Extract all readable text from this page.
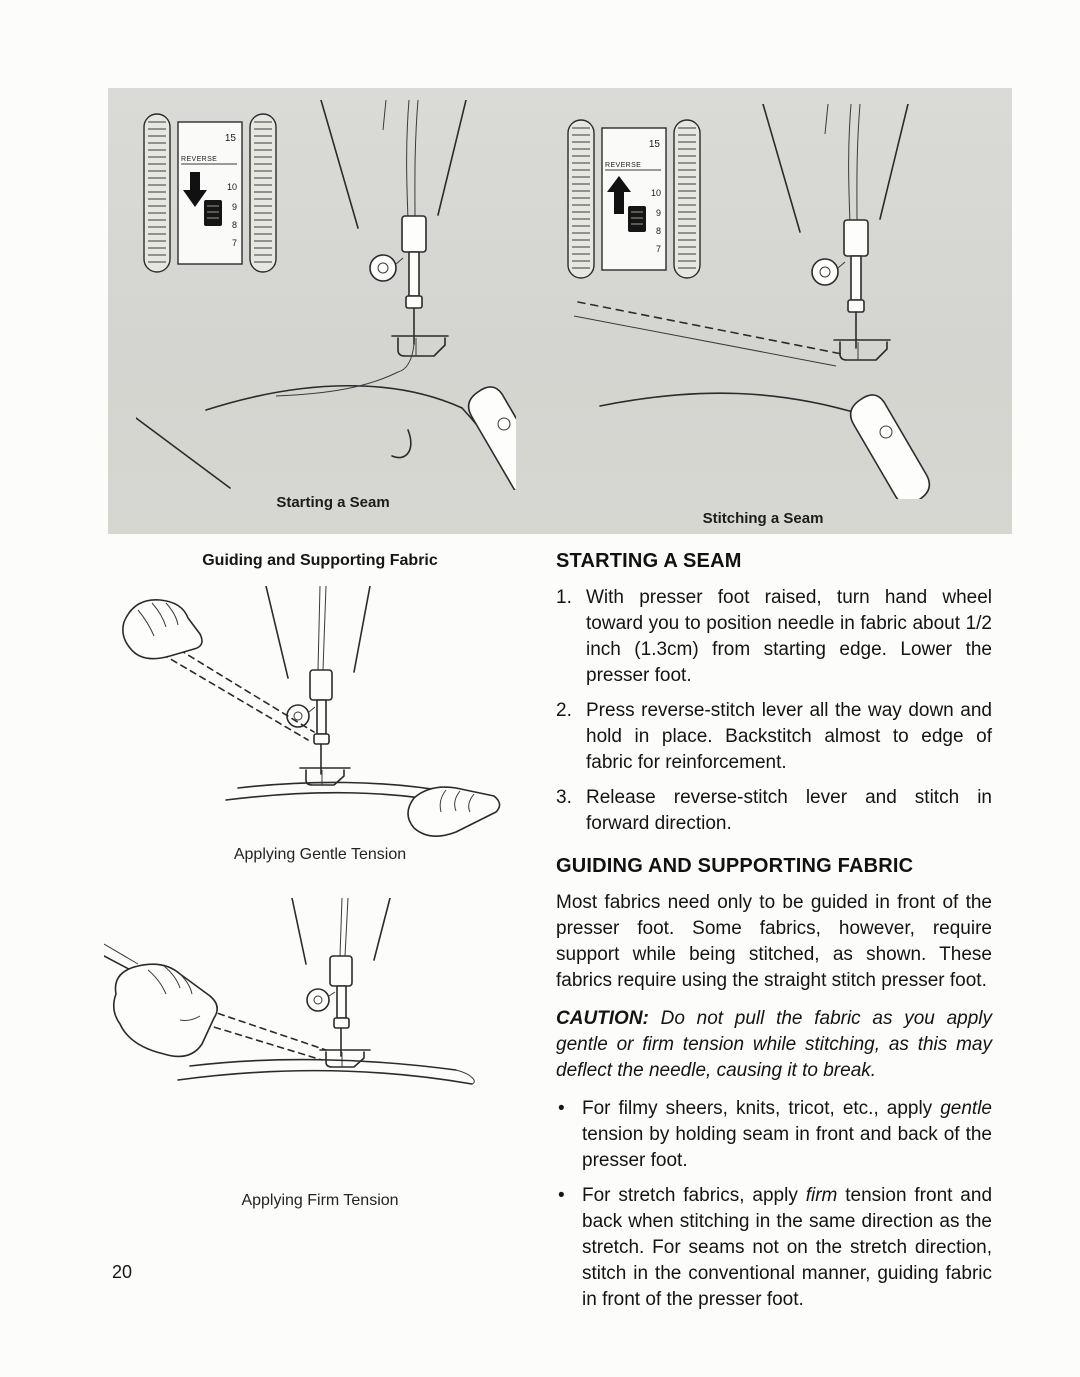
15
REVERSE
10
9
8
7
15
REVERSE
10
9
8
7
Starting a Seam
Stitching a Seam
Guiding and Supporting Fabric
Applying Gentle Tension
Applying Firm Tension
20
STARTING A SEAM
1. With presser foot raised, turn hand wheel toward you to position needle in fabric about 1/2 inch (1.3cm) from starting edge. Lower the presser foot.
2. Press reverse-stitch lever all the way down and hold in place. Backstitch almost to edge of fabric for reinforcement.
3. Release reverse-stitch lever and stitch in forward direction.
GUIDING AND SUPPORTING FABRIC

Most fabrics need only to be guided in front of the presser foot. Some fabrics, however, require support while being stitched, as shown. These fabrics require using the straight stitch presser foot.

CAUTION: Do not pull the fabric as you apply gentle or firm tension while stitching, as this may deflect the needle, causing it to break.

• For filmy sheers, knits, tricot, etc., apply gentle tension by holding seam in front and back of the presser foot.
• For stretch fabrics, apply firm tension front and back when stitching in the same direction as the stretch. For seams not on the stretch direction, stitch in the conventional manner, guiding fabric in front of the presser foot.
